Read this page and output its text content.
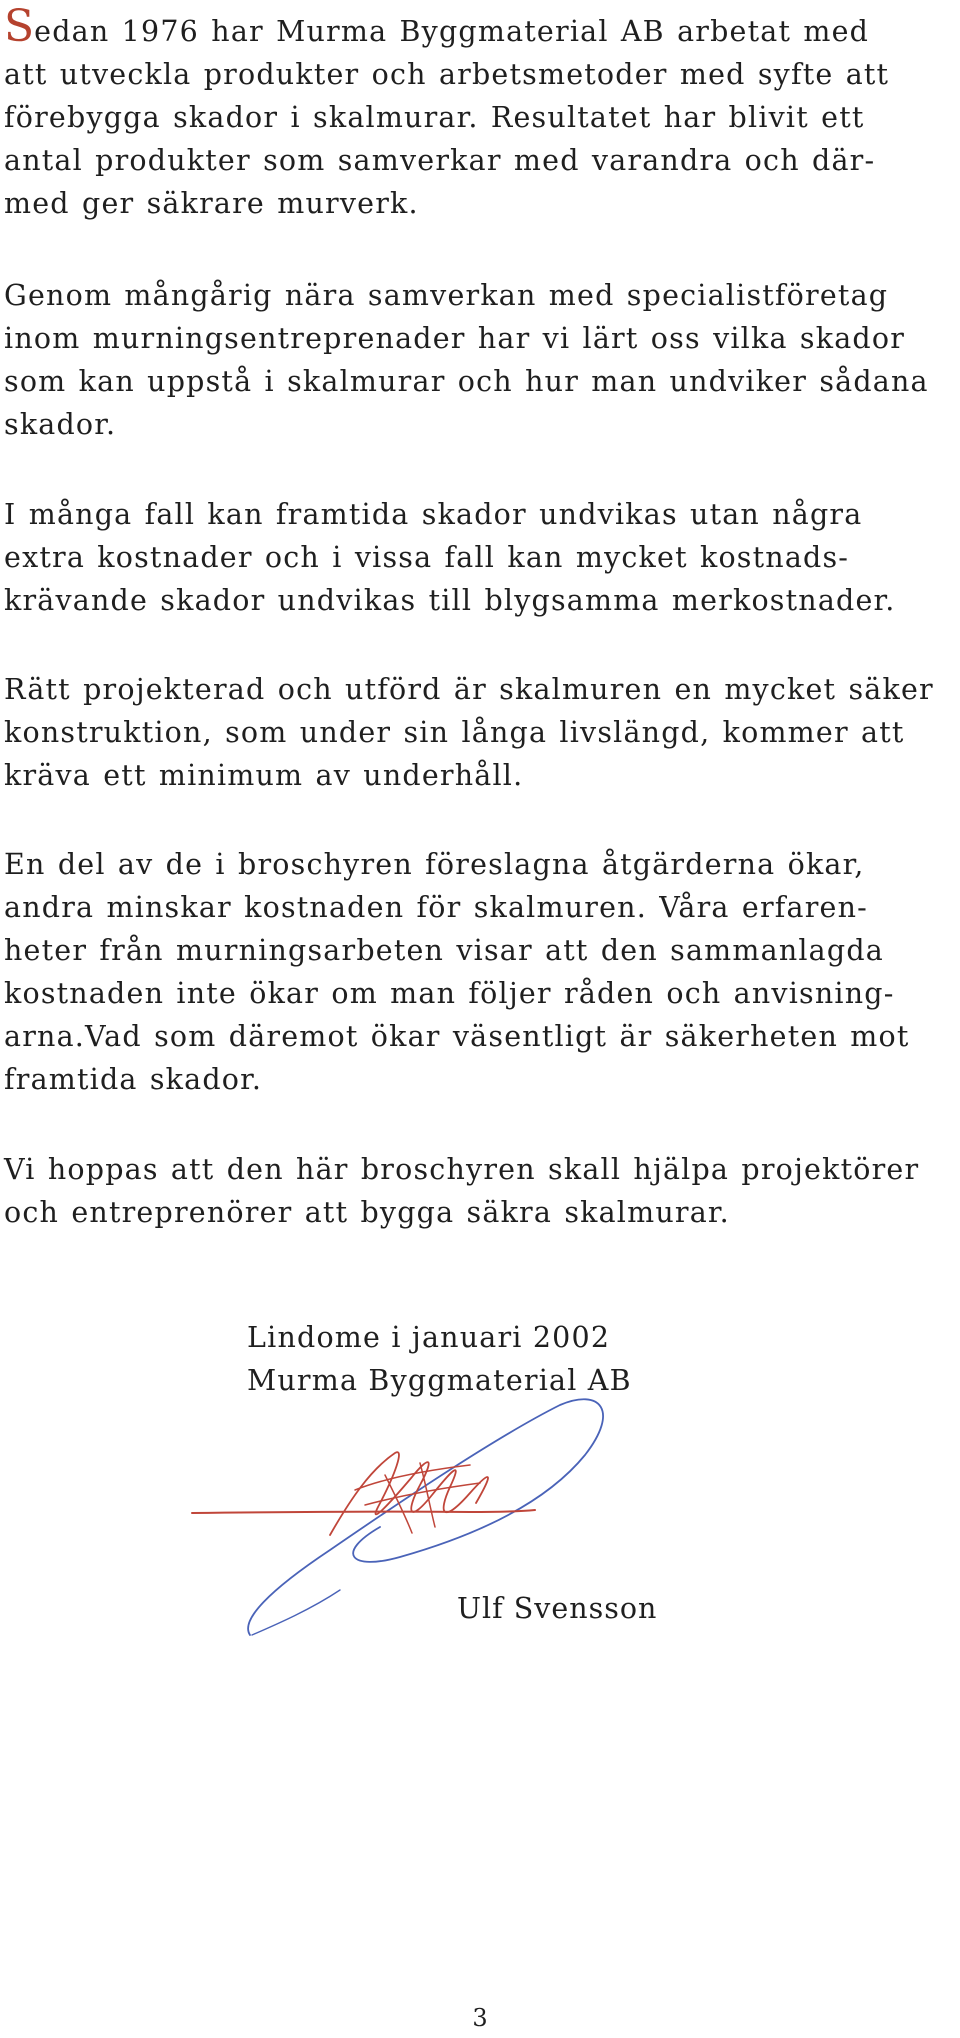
Sedan 1976 har Murma Byggmaterial AB arbetat med
att utveckla produkter och arbetsmetoder med syfte att
förebygga skador i skalmurar. Resultatet har blivit ett
antal produkter som samverkar med varandra och där-
med ger säkrare murverk.
Genom mångårig nära samverkan med specialistföretag
inom murningsentreprenader har vi lärt oss vilka skador
som kan uppstå i skalmurar och hur man undviker sådana
skador.
I många fall kan framtida skador undvikas utan några
extra kostnader och i vissa fall kan mycket kostnads-
krävande skador undvikas till blygsamma merkostnader.
Rätt projekterad och utförd är skalmuren en mycket säker
konstruktion, som under sin långa livslängd, kommer att
kräva ett minimum av underhåll.
En del av de i broschyren föreslagna åtgärderna ökar,
andra minskar kostnaden för skalmuren. Våra erfaren-
heter från murningsarbeten visar att den sammanlagda
kostnaden inte ökar om man följer råden och anvisning-
arna.Vad som däremot ökar väsentligt är säkerheten mot
framtida skador.
Vi hoppas att den här broschyren skall hjälpa projektörer
och entreprenörer att bygga säkra skalmurar.
Lindome i januari 2002
Murma Byggmaterial AB
Ulf Svensson
3
